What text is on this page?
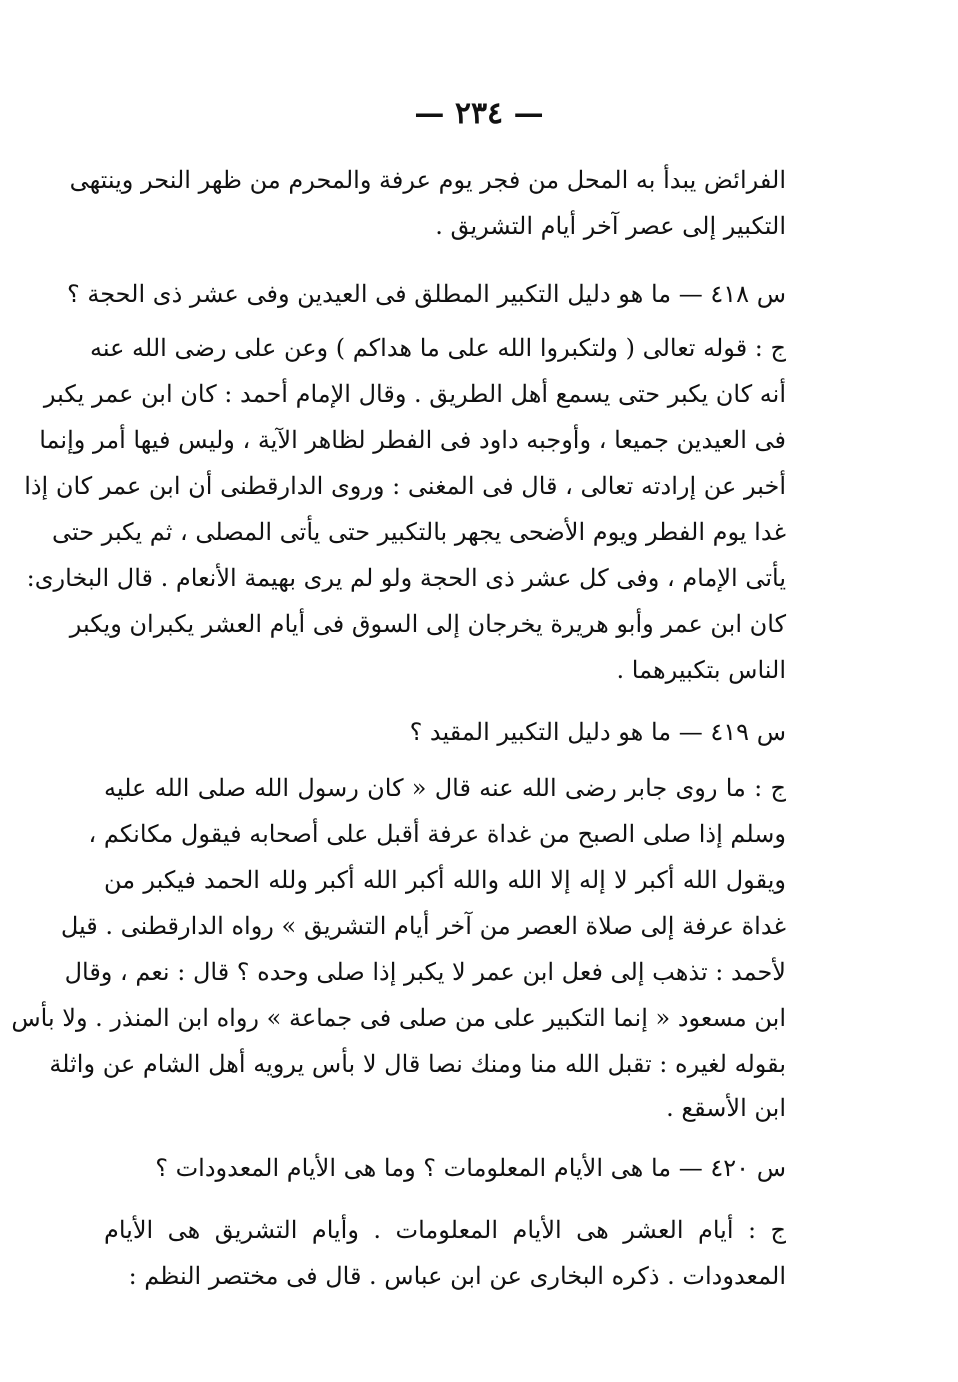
— ٢٣٤ —
الفرائض يبدأ به المحل من فجر يوم عرفة والمحرم من ظهر النحر وينتهى
التكبير إلى عصر آخر أيام التشريق .
س ٤١٨ — ما هو دليل التكبير المطلق فى العيدين وفى عشر ذى الحجة ؟
ج : قوله تعالى ( ولتكبروا الله على ما هداكم ) وعن على رضى الله عنه
أنه كان يكبر حتى يسمع أهل الطريق . وقال الإمام أحمد : كان ابن عمر يكبر
فى العيدين جميعا ، وأوجبه داود فى الفطر لظاهر الآية ، وليس فيها أمر وإنما
أخبر عن إرادته تعالى ، قال فى المغنى : وروى الدارقطنى أن ابن عمر كان إذا
غدا يوم الفطر ويوم الأضحى يجهر بالتكبير حتى يأتى المصلى ، ثم يكبر حتى
يأتى الإمام ، وفى كل عشر ذى الحجة ولو لم يرى بهيمة الأنعام . قال البخارى:
كان ابن عمر وأبو هريرة يخرجان إلى السوق فى أيام العشر يكبران ويكبر
الناس بتكبيرهما .
س ٤١٩ — ما هو دليل التكبير المقيد ؟
ج : ما روى جابر رضى الله عنه قال « كان رسول الله صلى الله عليه
وسلم إذا صلى الصبح من غداة عرفة أقبل على أصحابه فيقول مكانكم ،
ويقول الله أكبر لا إله إلا الله والله أكبر الله أكبر ولله الحمد فيكبر من
غداة عرفة إلى صلاة العصر من آخر أيام التشريق » رواه الدارقطنى . قيل
لأحمد : تذهب إلى فعل ابن عمر لا يكبر إذا صلى وحده ؟ قال : نعم ، وقال
ابن مسعود « إنما التكبير على من صلى فى جماعة » رواه ابن المنذر . ولا بأس
بقوله لغيره : تقبل الله منا ومنك نصا قال لا بأس يرويه أهل الشام عن واثلة
ابن الأسقع .
س ٤٢٠ — ما هى الأيام المعلومات ؟ وما هى الأيام المعدودات ؟
ج : أيام العشر هى الأيام المعلومات . وأيام التشريق هى الأيام
المعدودات . ذكره البخارى عن ابن عباس . قال فى مختصر النظم :
